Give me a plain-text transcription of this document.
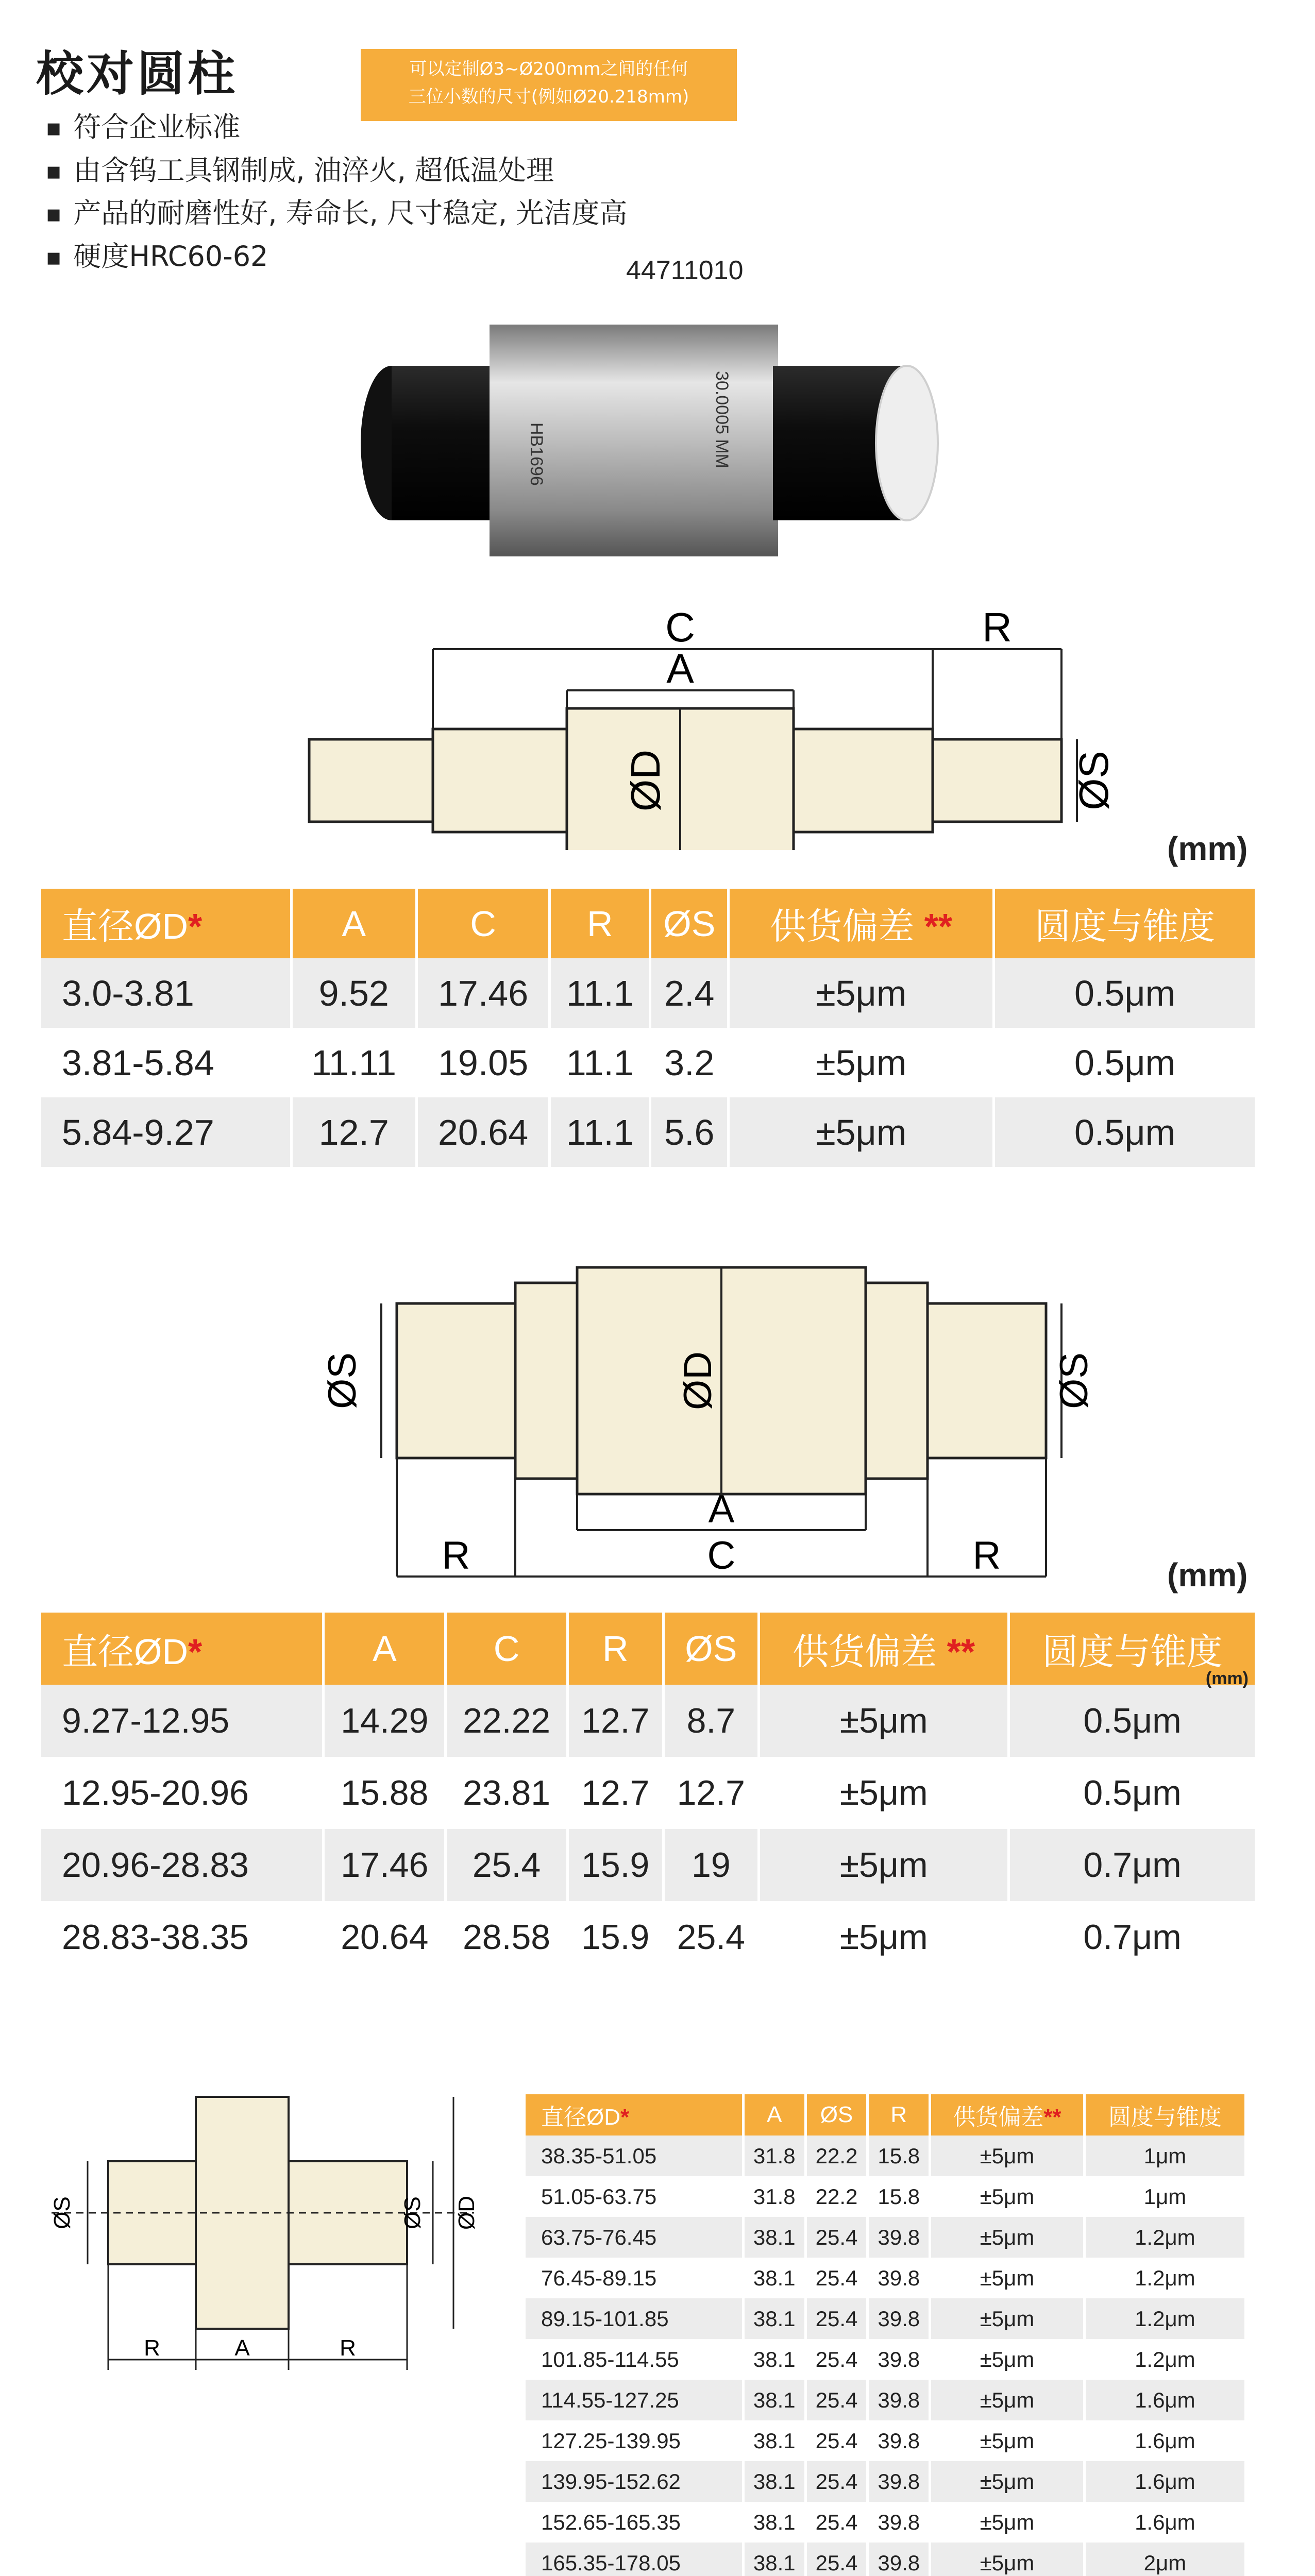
校对圆柱	可以定制Ø3~Ø200mm之间的任何
三位小数的尺寸(例如Ø20.218mm)
■ 符合企业标准
■ 由含钨工具钢制成, 油淬火, 超低温处理
■ 产品的耐磨性好, 寿命长, 尺寸稳定, 光洁度高
■ 硬度HRC60-62	44711010
HB1696	30.0005 MM
C	R
A
ØD	ØS
(mm)
直径ØD*	A	C	R	ØS	供货偏差 **	圆度与锥度
3.0-3.81	9.52	17.46	11.1	2.4	±5μm	0.5μm
3.81-5.84	11.11	19.05	11.1	3.2	±5μm	0.5μm
5.84-9.27	12.7	20.64	11.1	5.6	±5μm	0.5μm
ØS	ØS
ØD
A
R	C	R	(mm)
直径ØD*	A	C	R	ØS	供货偏差 **	圆度与锥度
(mm)

9.27-12.95	14.29	22.22	12.7	8.7	±5μm	0.5μm
12.95-20.96	15.88	23.81	12.7	12.7	±5μm	0.5μm
20.96-28.83	17.46	25.4	15.9	19	±5μm	0.7μm
28.83-38.35	20.64	28.58	15.9	25.4	±5μm	0.7μm
ØS	ØS ØD
R	A	R
直径ØD*	A	ØS	R	供货偏差**	圆度与锥度
38.35-51.05	31.8	22.2	15.8	±5μm	1μm
51.05-63.75	31.8	22.2	15.8	±5μm	1μm
63.75-76.45	38.1	25.4	39.8	±5μm	1.2μm
76.45-89.15	38.1	25.4	39.8	±5μm	1.2μm
89.15-101.85	38.1	25.4	39.8	±5μm	1.2μm
101.85-114.55	38.1	25.4	39.8	±5μm	1.2μm
114.55-127.25	38.1	25.4	39.8	±5μm	1.6μm
127.25-139.95	38.1	25.4	39.8	±5μm	1.6μm
139.95-152.62	38.1	25.4	39.8	±5μm	1.6μm
152.65-165.35	38.1	25.4	39.8	±5μm	1.6μm
165.35-178.05	38.1	25.4	39.8	±5μm	2μm
